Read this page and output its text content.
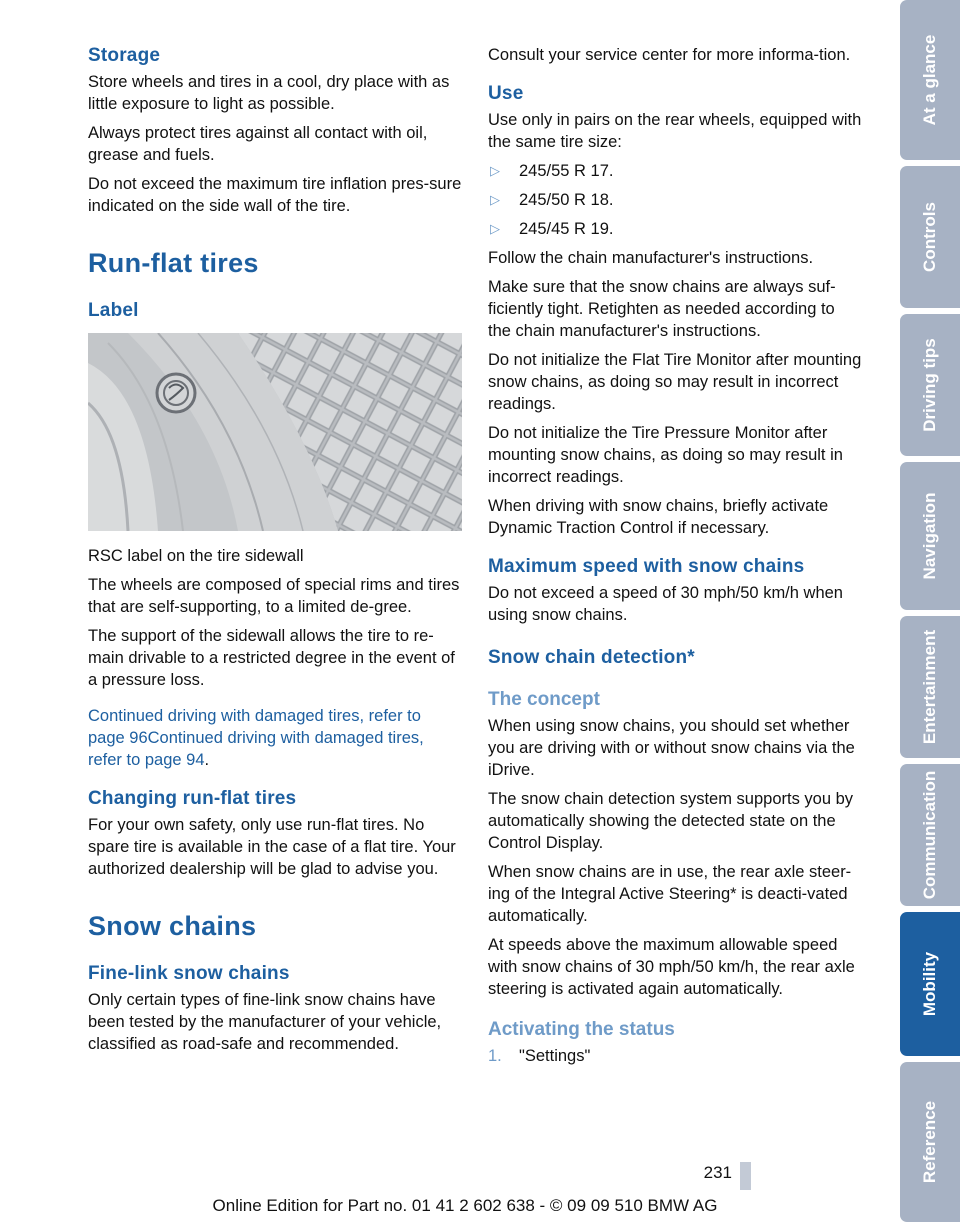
Storage

Store wheels and tires in a cool, dry place with as little exposure to light as possible.

Always protect tires against all contact with oil, grease and fuels.

Do not exceed the maximum tire inflation pres-sure indicated on the side wall of the tire.

Run-flat tires
Label

RSC label on the tire sidewall

The wheels are composed of special rims and tires that are self-supporting, to a limited de-gree.

The support of the sidewall allows the tire to re-main drivable to a restricted degree in the event of a pressure loss.

Continued driving with damaged tires, refer to page 96Continued driving with damaged tires, refer to page 94.

Changing run-flat tires

For your own safety, only use run-flat tires. No spare tire is available in the case of a flat tire. Your authorized dealership will be glad to advise you.

Snow chains
Fine-link snow chains

Only certain types of fine-link snow chains have been tested by the manufacturer of your vehicle, classified as road-safe and recommended.

Consult your service center for more informa-tion.

Use

Use only in pairs on the rear wheels, equipped with the same tire size:

▷ 245/55 R 17.
▷ 245/50 R 18.
▷ 245/45 R 19.

Follow the chain manufacturer's instructions.

Make sure that the snow chains are always suf-ficiently tight. Retighten as needed according to the chain manufacturer's instructions.

Do not initialize the Flat Tire Monitor after mounting snow chains, as doing so may result in incorrect readings.

Do not initialize the Tire Pressure Monitor after mounting snow chains, as doing so may result in incorrect readings.

When driving with snow chains, briefly activate Dynamic Traction Control if necessary.

Maximum speed with snow chains

Do not exceed a speed of 30 mph/50 km/h when using snow chains.

Snow chain detection*
The concept

When using snow chains, you should set whether you are driving with or without snow chains via the iDrive.

The snow chain detection system supports you by automatically showing the detected state on the Control Display.

When snow chains are in use, the rear axle steer-ing of the Integral Active Steering* is deacti-vated automatically.

At speeds above the maximum allowable speed with snow chains of 30 mph/50 km/h, the rear axle steering is activated again automatically.

Activating the status
1. "Settings"
At a glance
Controls
Driving tips
Navigation
Entertainment
Communication
Mobility
Reference
231
Online Edition for Part no. 01 41 2 602 638 - © 09 09 510 BMW AG
